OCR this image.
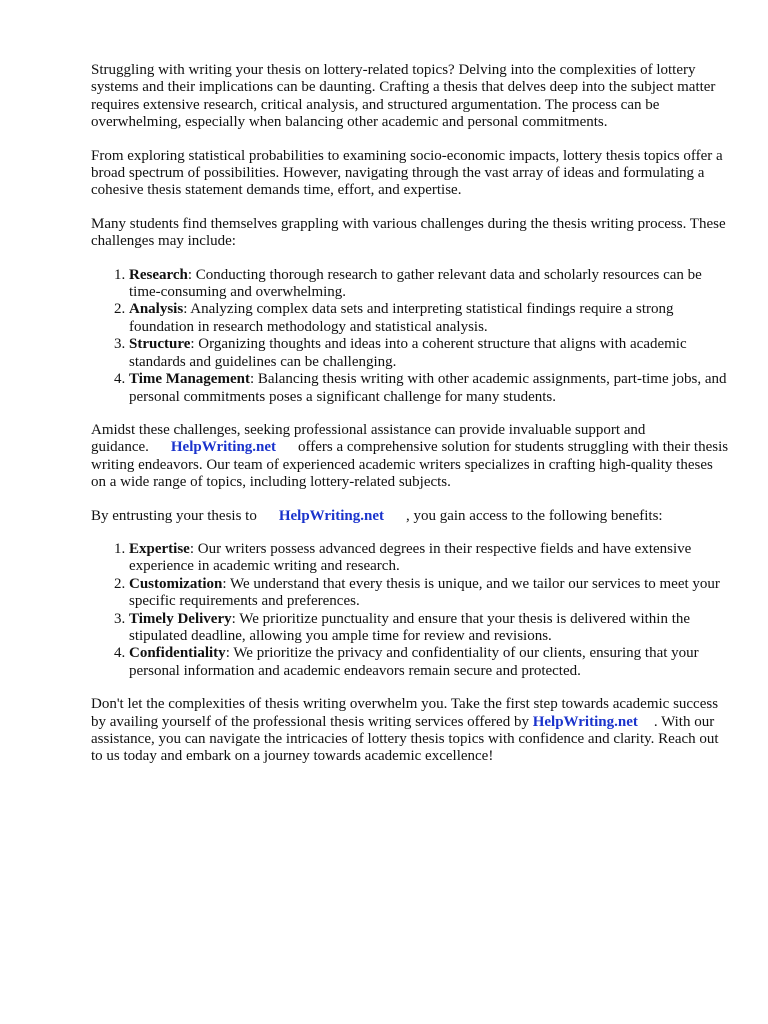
Struggling with writing your thesis on lottery-related topics? Delving into the complexities of lottery systems and their implications can be daunting. Crafting a thesis that delves deep into the subject matter requires extensive research, critical analysis, and structured argumentation. The process can be overwhelming, especially when balancing other academic and personal commitments.

From exploring statistical probabilities to examining socio-economic impacts, lottery thesis topics offer a broad spectrum of possibilities. However, navigating through the vast array of ideas and formulating a cohesive thesis statement demands time, effort, and expertise.

Many students find themselves grappling with various challenges during the thesis writing process. These challenges may include:

1. Research: Conducting thorough research to gather relevant data and scholarly resources can be time-consuming and overwhelming.
2. Analysis: Analyzing complex data sets and interpreting statistical findings require a strong foundation in research methodology and statistical analysis.
3. Structure: Organizing thoughts and ideas into a coherent structure that aligns with academic standards and guidelines can be challenging.
4. Time Management: Balancing thesis writing with other academic assignments, part-time jobs, and personal commitments poses a significant challenge for many students.

Amidst these challenges, seeking professional assistance can provide invaluable support and guidance. HelpWriting.net offers a comprehensive solution for students struggling with their thesis writing endeavors. Our team of experienced academic writers specializes in crafting high-quality theses on a wide range of topics, including lottery-related subjects.

By entrusting your thesis to HelpWriting.net , you gain access to the following benefits:

1. Expertise: Our writers possess advanced degrees in their respective fields and have extensive experience in academic writing and research.
2. Customization: We understand that every thesis is unique, and we tailor our services to meet your specific requirements and preferences.
3. Timely Delivery: We prioritize punctuality and ensure that your thesis is delivered within the stipulated deadline, allowing you ample time for review and revisions.
4. Confidentiality: We prioritize the privacy and confidentiality of our clients, ensuring that your personal information and academic endeavors remain secure and protected.

Don't let the complexities of thesis writing overwhelm you. Take the first step towards academic success by availing yourself of the professional thesis writing services offered by HelpWriting.net . With our assistance, you can navigate the intricacies of lottery thesis topics with confidence and clarity. Reach out to us today and embark on a journey towards academic excellence!
